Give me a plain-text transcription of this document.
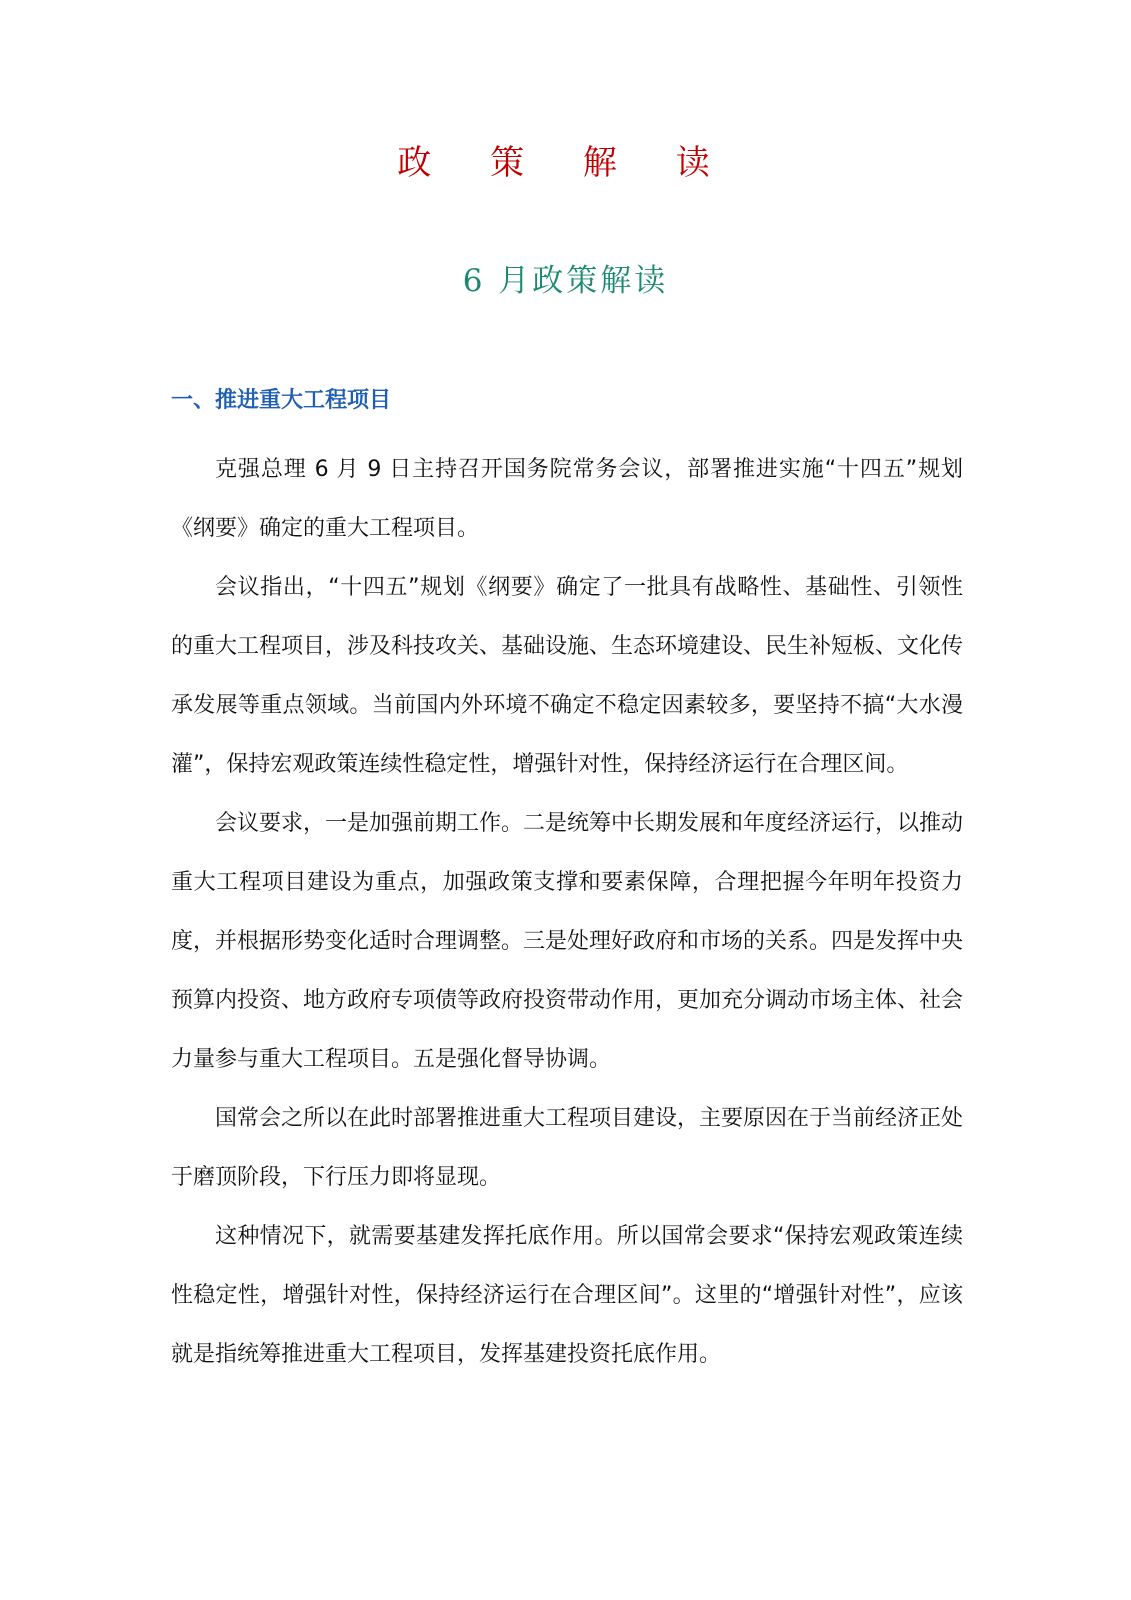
政 策 解 读
6 月政策解读
一、推进重大工程项目

克强总理 6 月 9 日主持召开国务院常务会议，部署推进实施“十四五”规划《纲要》确定的重大工程项目。

会议指出，“十四五”规划《纲要》确定了一批具有战略性、基础性、引领性的重大工程项目，涉及科技攻关、基础设施、生态环境建设、民生补短板、文化传承发展等重点领域。当前国内外环境不确定不稳定因素较多，要坚持不搞“大水漫灌”，保持宏观政策连续性稳定性，增强针对性，保持经济运行在合理区间。

会议要求，一是加强前期工作。二是统筹中长期发展和年度经济运行，以推动重大工程项目建设为重点，加强政策支撑和要素保障，合理把握今年明年投资力度，并根据形势变化适时合理调整。三是处理好政府和市场的关系。四是发挥中央预算内投资、地方政府专项债等政府投资带动作用，更加充分调动市场主体、社会力量参与重大工程项目。五是强化督导协调。

国常会之所以在此时部署推进重大工程项目建设，主要原因在于当前经济正处于磨顶阶段，下行压力即将显现。

这种情况下，就需要基建发挥托底作用。所以国常会要求“保持宏观政策连续性稳定性，增强针对性，保持经济运行在合理区间”。这里的“增强针对性”，应该就是指统筹推进重大工程项目，发挥基建投资托底作用。
